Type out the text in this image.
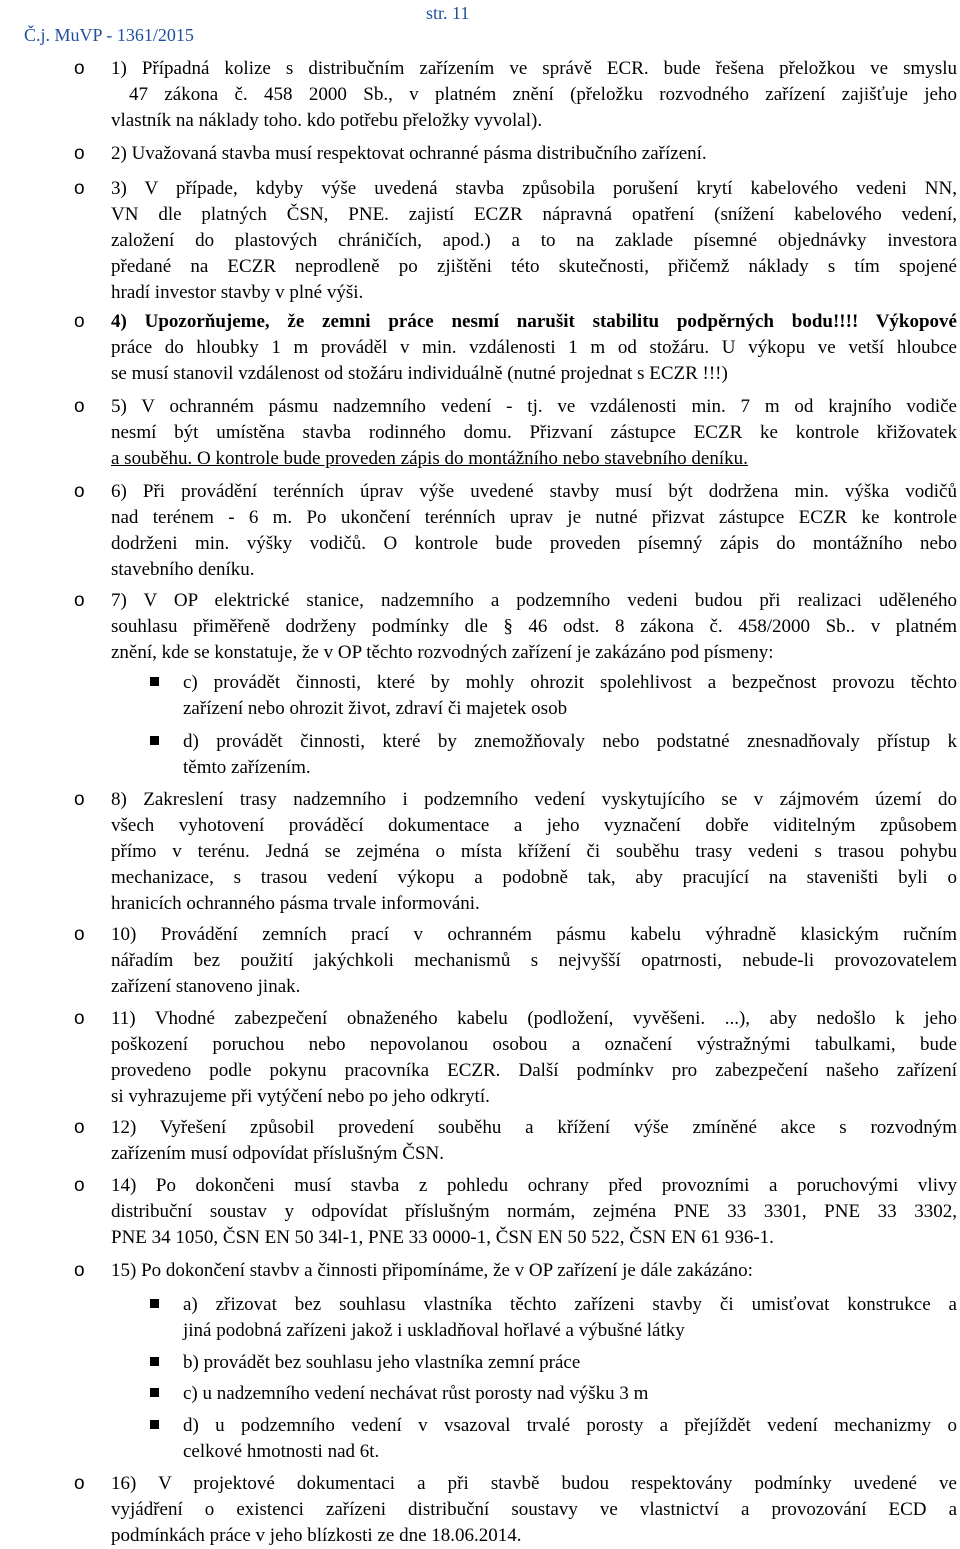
Č.j. MuVP - 1361/2015

str. 11

o 1) Případná kolize s distribučním zařízením ve správě ECR. bude řešena přeložkou ve smyslu
47 zákona č. 458 2000 Sb., v platném znění (přeložku rozvodného zařízení zajišťuje jeho
vlastník na náklady toho. kdo potřebu přeložky vyvolal).
o 2) Uvažovaná stavba musí respektovat ochranné pásma distribučního zařízení.
o 3) V případe, kdyby výše uvedená stavba způsobila porušení krytí kabelového vedeni NN,
VN dle platných ČSN, PNE. zajistí ECZR nápravná opatření (snížení kabelového vedení,
založení do plastových chráničích, apod.) a to na zaklade písemné objednávky investora
předané na ECZR neprodleně po zjištěni této skutečnosti, přičemž náklady s tím spojené
hradí investor stavby v plné výši.
o 4) Upozorňujeme, že zemni práce nesmí narušit stabilitu podpěrných bodu!!!! Výkopové
práce do hloubky 1 m prováděl v min. vzdálenosti 1 m od stožáru. U výkopu ve vetší hloubce
se musí stanovil vzdálenost od stožáru individuálně (nutné projednat s ECZR !!!)
o 5) V ochranném pásmu nadzemního vedení - tj. ve vzdálenosti min. 7 m od krajního vodiče
nesmí být umístěna stavba rodinného domu. Přizvaní zástupce ECZR ke kontrole křižovatek
a souběhu. O kontrole bude proveden zápis do montážního nebo stavebního deníku.
o 6) Při provádění terénních úprav výše uvedené stavby musí být dodržena min. výška vodičů
nad terénem - 6 m. Po ukončení terénních uprav je nutné přizvat zástupce ECZR ke kontrole
dodrženi min. výšky vodičů. O kontrole bude proveden písemný zápis do montážního nebo
stavebního deníku.
o 7) V OP elektrické stanice, nadzemního a podzemního vedeni budou při realizaci uděleného
souhlasu přiměřeně dodrženy podmínky dle § 46 odst. 8 zákona č. 458/2000 Sb.. v platném
znění, kde se konstatuje, že v OP těchto rozvodných zařízení je zakázáno pod písmeny:
c) provádět činnosti, které by mohly ohrozit spolehlivost a bezpečnost provozu těchto
zařízení nebo ohrozit život, zdraví či majetek osob
d) provádět činnosti, které by znemožňovaly nebo podstatné znesnadňovaly přístup k
těmto zařízením.
o 8) Zakreslení trasy nadzemního i podzemního vedení vyskytujícího se v zájmovém území do
všech vyhotovení prováděcí dokumentace a jeho vyznačení dobře viditelným způsobem
přímo v terénu. Jedná se zejména o místa křížení či souběhu trasy vedeni s trasou pohybu
mechanizace, s trasou vedení výkopu a podobně tak, aby pracující na staveništi byli o
hranicích ochranného pásma trvale informováni.
o 10) Provádění zemních prací v ochranném pásmu kabelu výhradně klasickým ručním
nářadím bez použití jakýchkoli mechanismů s nejvyšší opatrnosti, nebude-li provozovatelem
zařízení stanoveno jinak.
o 11) Vhodné zabezpečení obnaženého kabelu (podložení, vyvěšeni. ...), aby nedošlo k jeho
poškození poruchou nebo nepovolanou osobou a označení výstražnými tabulkami, bude
provedeno podle pokynu pracovníka ECZR. Další podmínkv pro zabezpečení našeho zařízení
si vyhrazujeme při vytýčení nebo po jeho odkrytí.
o 12) Vyřešení způsobil provedení souběhu a křížení výše zmíněné akce s rozvodným
zařízením musí odpovídat příslušným ČSN.
o 14) Po dokončeni musí stavba z pohledu ochrany před provozními a poruchovými vlivy
distribuční soustav y odpovídat příslušným normám, zejména PNE 33 3301, PNE 33 3302,
PNE 34 1050, ČSN EN 50 34l-1, PNE 33 0000-1, ČSN EN 50 522, ČSN EN 61 936-1.
o 15) Po dokončení stavbv a činnosti připomínáme, že v OP zařízení je dále zakázáno:
a) zřizovat bez souhlasu vlastníka těchto zařízeni stavby či umisťovat konstrukce a
jiná podobná zařízeni jakož i uskladňoval hořlavé a výbušné látky
b) provádět bez souhlasu jeho vlastníka zemní práce
c) u nadzemního vedení nechávat růst porosty nad výšku 3 m
d) u podzemního vedení v vsazoval trvalé porosty a přejíždět vedení mechanizmy o
celkové hmotnosti nad 6t.
o 16) V projektové dokumentaci a při stavbě budou respektovány podmínky uvedené ve
vyjádření o existenci zařízeni distribuční soustavy ve vlastnictví a provozování ECD a
podmínkách práce v jeho blízkosti ze dne 18.06.2014.
